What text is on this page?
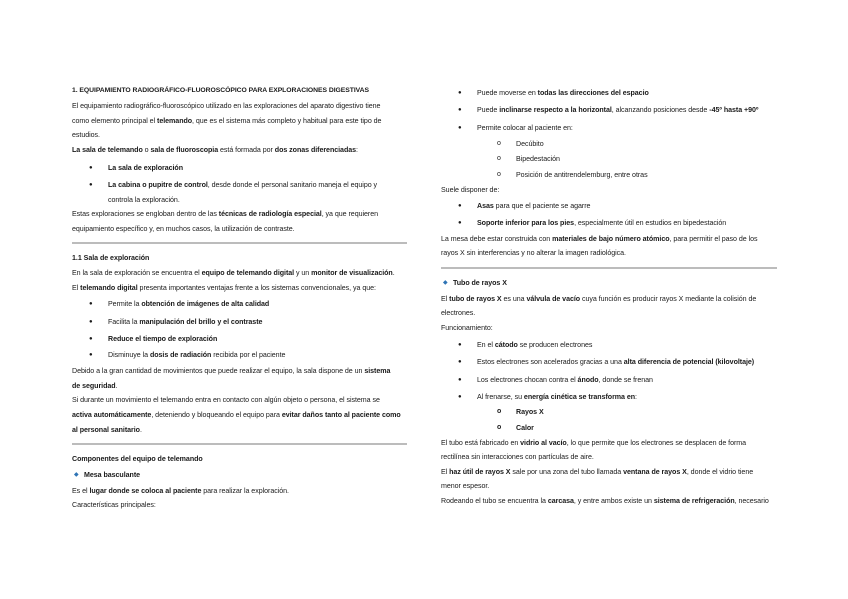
1. EQUIPAMIENTO RADIOGRÁFICO-FLUOROSCÓPICO PARA EXPLORACIONES DIGESTIVAS
El equipamiento radiográfico-fluoroscópico utilizado en las exploraciones del aparato digestivo tiene
como elemento principal el telemando, que es el sistema más completo y habitual para este tipo de
estudios.
La sala de telemando o sala de fluoroscopia está formada por dos zonas diferenciadas:
● La sala de exploración
● La cabina o pupitre de control, desde donde el personal sanitario maneja el equipo y
controla la exploración.
Estas exploraciones se engloban dentro de las técnicas de radiología especial, ya que requieren
equipamiento específico y, en muchos casos, la utilización de contraste.
1.1 Sala de exploración
En la sala de exploración se encuentra el equipo de telemando digital y un monitor de visualización.
El telemando digital presenta importantes ventajas frente a los sistemas convencionales, ya que:
● Permite la obtención de imágenes de alta calidad
● Facilita la manipulación del brillo y el contraste
● Reduce el tiempo de exploración
● Disminuye la dosis de radiación recibida por el paciente
Debido a la gran cantidad de movimientos que puede realizar el equipo, la sala dispone de un sistema
de seguridad.
Si durante un movimiento el telemando entra en contacto con algún objeto o persona, el sistema se
activa automáticamente, deteniendo y bloqueando el equipo para evitar daños tanto al paciente como
al personal sanitario.
Componentes del equipo de telemando
◆ Mesa basculante
Es el lugar donde se coloca al paciente para realizar la exploración.
Características principales:
● Puede moverse en todas las direcciones del espacio
● Puede inclinarse respecto a la horizontal, alcanzando posiciones desde -45º hasta +90º
● Permite colocar al paciente en:
o Decúbito
o Bipedestación
o Posición de antitrendelemburg, entre otras
Suele disponer de:
● Asas para que el paciente se agarre
● Soporte inferior para los pies, especialmente útil en estudios en bipedestación
La mesa debe estar construida con materiales de bajo número atómico, para permitir el paso de los
rayos X sin interferencias y no alterar la imagen radiológica.
◆ Tubo de rayos X
El tubo de rayos X es una válvula de vacío cuya función es producir rayos X mediante la colisión de
electrones.
Funcionamiento:
● En el cátodo se producen electrones
● Estos electrones son acelerados gracias a una alta diferencia de potencial (kilovoltaje)
● Los electrones chocan contra el ánodo, donde se frenan
● Al frenarse, su energía cinética se transforma en:
o Rayos X
o Calor
El tubo está fabricado en vidrio al vacío, lo que permite que los electrones se desplacen de forma
rectilínea sin interacciones con partículas de aire.
El haz útil de rayos X sale por una zona del tubo llamada ventana de rayos X, donde el vidrio tiene
menor espesor.
Rodeando el tubo se encuentra la carcasa, y entre ambos existe un sistema de refrigeración, necesario
